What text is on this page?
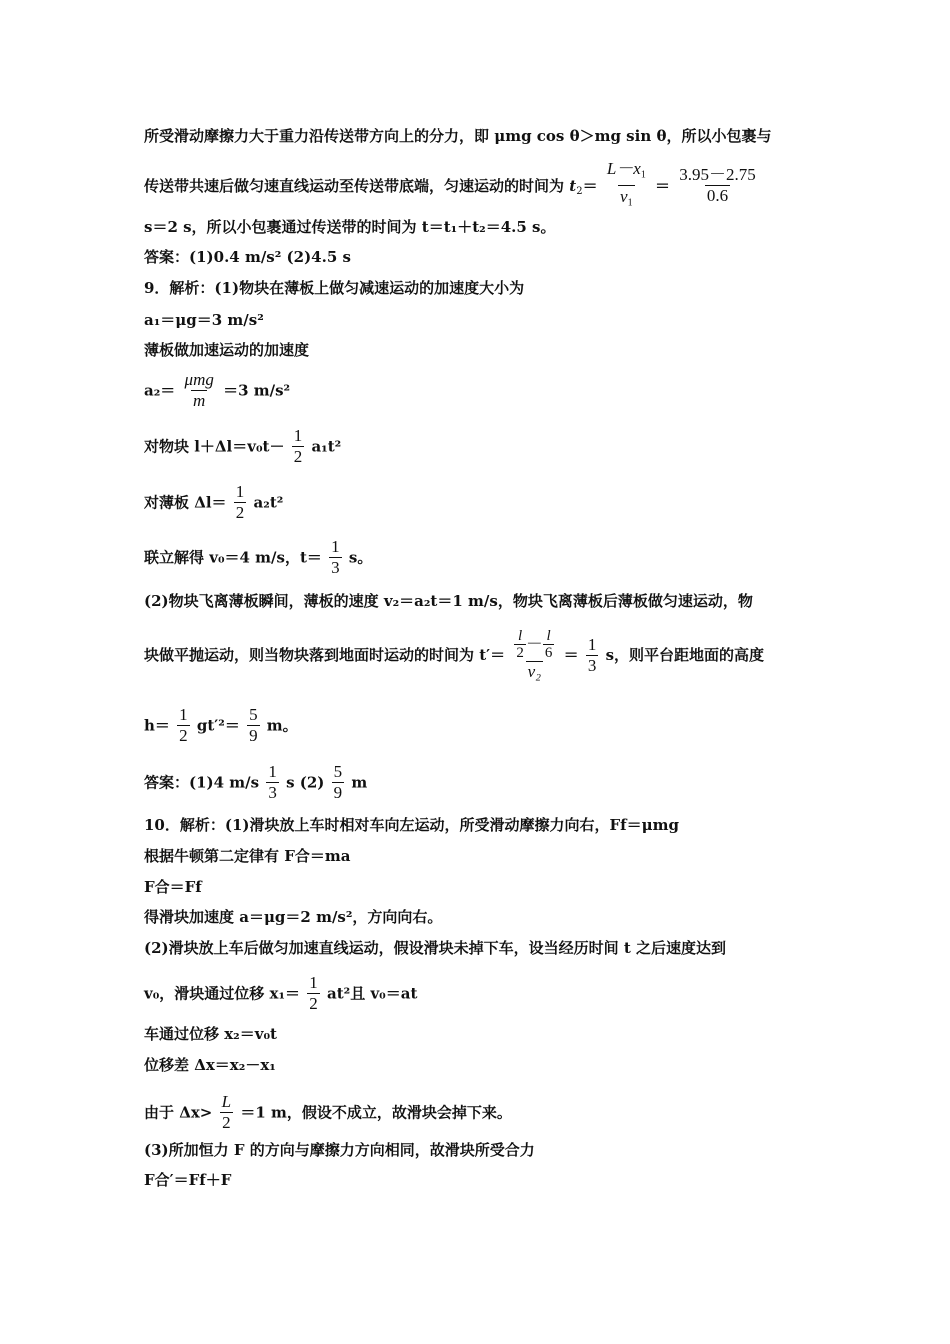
所受滑动摩擦力大于重力沿传送带方向上的分力，即 μmg cos θ＞mg sin θ，所以小包裹与
传送带共速后做匀速直线运动至传送带底端，匀速运动的时间为 $t_2= \frac{L-x_1}{v_1} = \frac{3.95-2.75}{0.6}$
s＝2 s，所以小包裹通过传送带的时间为 t＝t₁＋t₂＝4.5 s。
答案：(1)0.4 m/s² (2)4.5 s
9．解析：(1)物块在薄板上做匀减速运动的加速度大小为
a₁＝μg＝3 m/s²
薄板做加速运动的加速度
$a_2= \frac{\text{μmg}}{m} =3$ m/s²
对物块 $l+\Delta l=v_0t- \frac{1}{2} a_1t^2$
对薄板 $\Delta l= \frac{1}{2} a_2t^2$
联立解得 v₀＝4 m/s，$t= \frac{1}{3}$ s。
(2)物块飞离薄板瞬间，薄板的速度 v₂＝a₂t＝1 m/s，物块飞离薄板后薄板做匀速运动，物
块做平抛运动，则当物块落到地面时运动的时间为 $t'= \frac{\frac{l}{2} - \frac{l}{6}}{\text{v₂}} = \frac{1}{3}$ s，则平台距地面的高度
$h= \frac{1}{2} gt'^2= \frac{5}{9}$ m。
答案：(1)4 $m/s \frac{1}{3}$ s $(2) \frac{5}{9}$ m
10．解析：(1)滑块放上车时相对车向左运动，所受滑动摩擦力向右，Ff＝μmg
根据牛顿第二定律有 F合＝ma
F合＝Ff
得滑块加速度 a＝μg＝2 m/s²，方向向右。
(2)滑块放上车后做匀加速直线运动，假设滑块未掉下车，设当经历时间 t 之后速度达到
v₀，滑块通过位移 $x_1= \frac{1}{2} at^2$且 v₀＝at
车通过位移 x₂＝v₀t
位移差 Δx＝x₂－x₁
由于 $\Delta x> \frac{L}{2} =1$ m，假设不成立，故滑块会掉下来。
(3)所加恒力 F 的方向与摩擦力方向相同，故滑块所受合力
F合′＝Ff＋F
